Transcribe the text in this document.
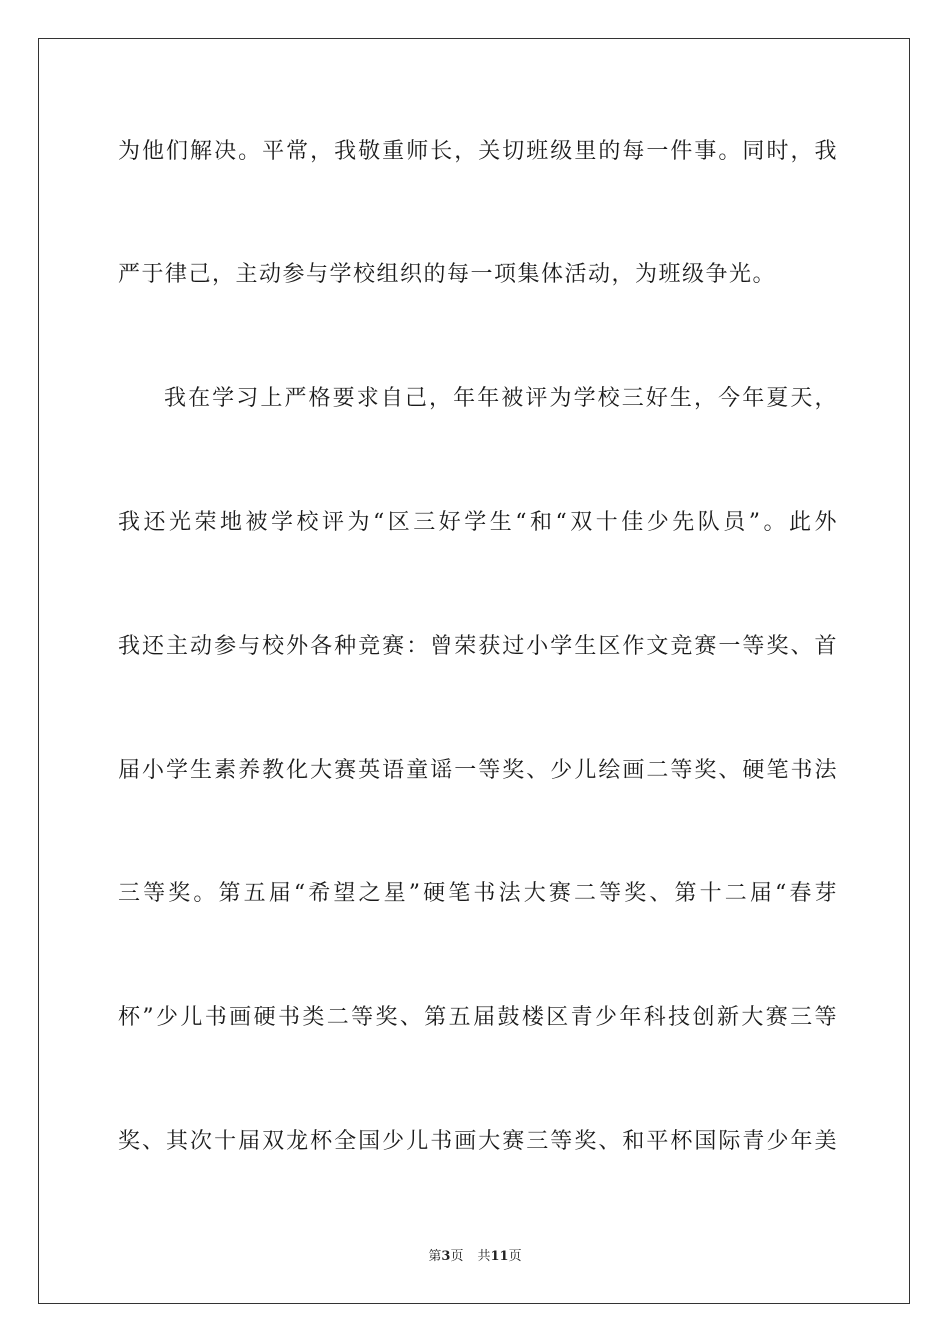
为他们解决。平常，我敬重师长，关切班级里的每一件事。同时，我
严于律己，主动参与学校组织的每一项集体活动，为班级争光。
我在学习上严格要求自己，年年被评为学校三好生，今年夏天，
我还光荣地被学校评为“区三好学生“和“双十佳少先队员”。此外
我还主动参与校外各种竞赛：曾荣获过小学生区作文竞赛一等奖、首
届小学生素养教化大赛英语童谣一等奖、少儿绘画二等奖、硬笔书法
三等奖。第五届“希望之星”硬笔书法大赛二等奖、第十二届“春芽
杯”少儿书画硬书类二等奖、第五届鼓楼区青少年科技创新大赛三等
奖、其次十届双龙杯全国少儿书画大赛三等奖、和平杯国际青少年美
第3页 共11页
